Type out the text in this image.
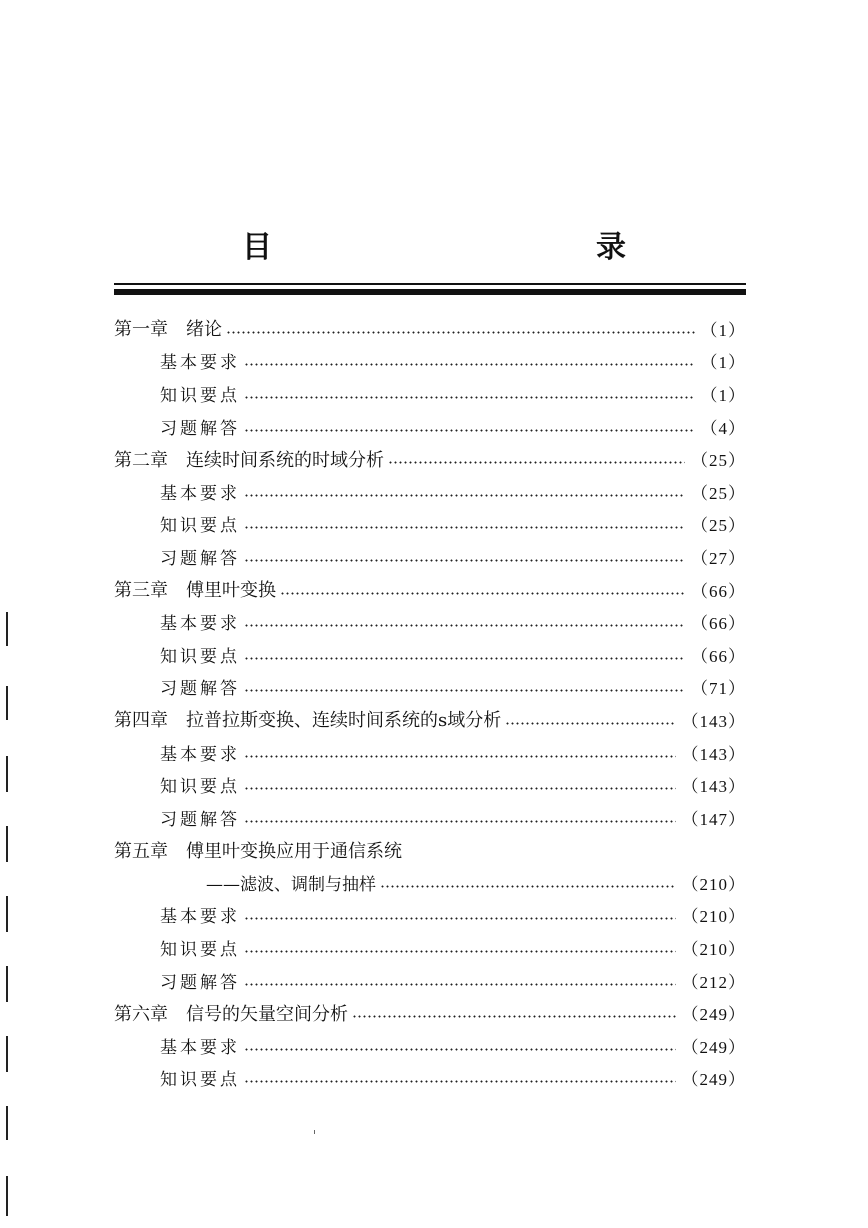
目　　录
第一章 绪论	（1）
基本要求	（1）
知识要点	（1）
习题解答	（4）
第二章 连续时间系统的时域分析	（25）
基本要求	（25）
知识要点	（25）
习题解答	（27）
第三章 傅里叶变换	（66）
基本要求	（66）
知识要点	（66）
习题解答	（71）
第四章 拉普拉斯变换、连续时间系统的s域分析	（143）
基本要求	（143）
知识要点	（143）
习题解答	（147）
第五章 傅里叶变换应用于通信系统
——滤波、调制与抽样	（210）
基本要求	（210）
知识要点	（210）
习题解答	（212）
第六章 信号的矢量空间分析	（249）
基本要求	（249）
知识要点	（249）
